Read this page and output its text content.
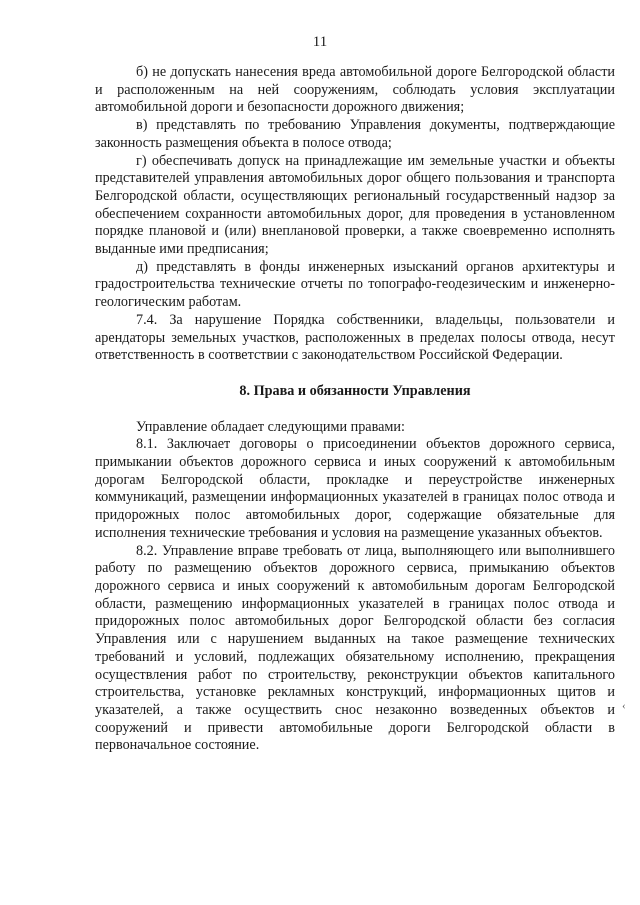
11

б) не допускать нанесения вреда автомобильной дороге Белгородской области и расположенным на ней сооружениям, соблюдать условия эксплуатации автомобильной дороги и безопасности дорожного движения;

в) представлять по требованию Управления документы, подтверждающие законность размещения объекта в полосе отвода;

г) обеспечивать допуск на принадлежащие им земельные участки и объекты представителей управления автомобильных дорог общего пользования и транспорта Белгородской области, осуществляющих региональный государственный надзор за обеспечением сохранности автомобильных дорог, для проведения в установленном порядке плановой и (или) внеплановой проверки, а также своевременно исполнять выданные ими предписания;

д) представлять в фонды инженерных изысканий органов архитектуры и градостроительства технические отчеты по топографо-геодезическим и инженерно-геологическим работам.

7.4. За нарушение Порядка собственники, владельцы, пользователи и арендаторы земельных участков, расположенных в пределах полосы отвода, несут ответственность в соответствии с законодательством Российской Федерации.

8. Права и обязанности Управления

Управление обладает следующими правами:

8.1. Заключает договоры о присоединении объектов дорожного сервиса, примыкании объектов дорожного сервиса и иных сооружений к автомобильным дорогам Белгородской области, прокладке и переустройстве инженерных коммуникаций, размещении информационных указателей в границах полос отвода и придорожных полос автомобильных дорог, содержащие обязательные для исполнения технические требования и условия на размещение указанных объектов.

8.2. Управление вправе требовать от лица, выполняющего или выполнившего работу по размещению объектов дорожного сервиса, примыканию объектов дорожного сервиса и иных сооружений к автомобильным дорогам Белгородской области, размещению информационных указателей в границах полос отвода и придорожных полос автомобильных дорог Белгородской области без согласия Управления или с нарушением выданных на такое размещение технических требований и условий, подлежащих обязательному исполнению, прекращения осуществления работ по строительству, реконструкции объектов капитального строительства, установке рекламных конструкций, информационных щитов и указателей, а также осуществить снос незаконно возведенных объектов и сооружений и привести автомобильные дороги Белгородской области в первоначальное состояние.

‹
